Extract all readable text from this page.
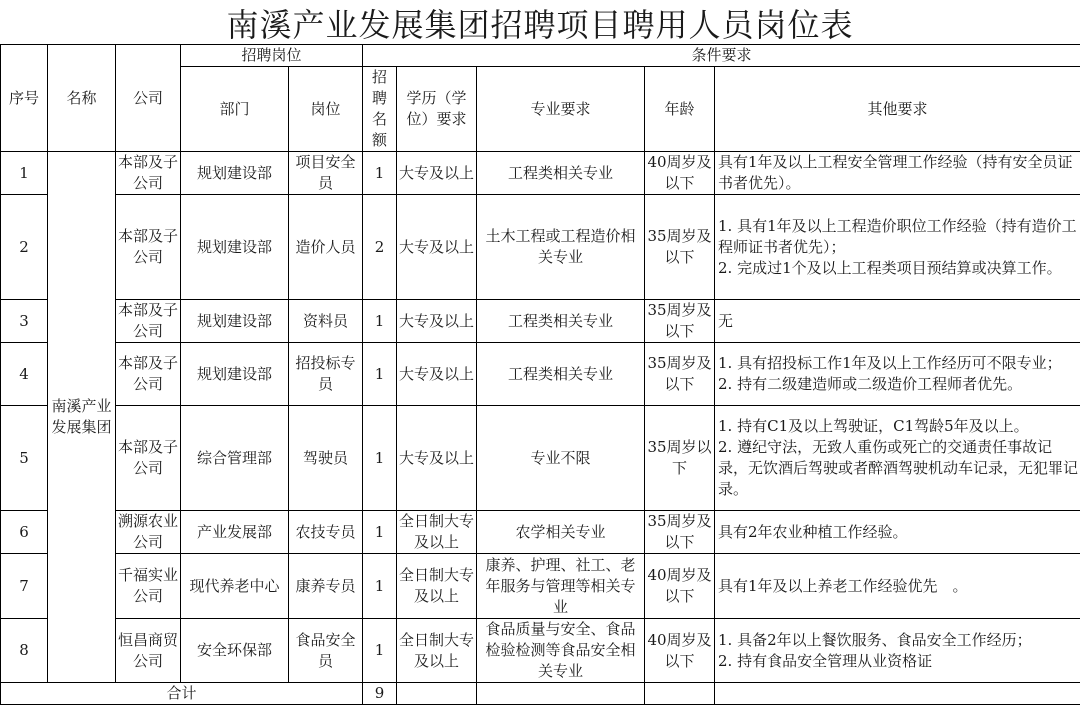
南溪产业发展集团招聘项目聘用人员岗位表
序号	名称	公司	招聘岗位		条件要求				
			部门	岗位	招聘名额	学历（学位）要求	专业要求	年龄	其他要求

1	南溪产业发展集团	本部及子公司	规划建设部	项目安全员	1	大专及以上	工程类相关专业	40周岁及以下	具有1年及以上工程安全管理工作经验（持有安全员证书者优先）。
2		本部及子公司	规划建设部	造价人员	2	大专及以上	土木工程或工程造价相关专业	35周岁及以下	1. 具有1年及以上工程造价职位工作经验（持有造价工程师证书者优先）；
2. 完成过1个及以上工程类项目预结算或决算工作。

3		本部及子公司	规划建设部	资料员	1	大专及以上	工程类相关专业	35周岁及以下	无
4		本部及子公司	规划建设部	招投标专员	1	大专及以上	工程类相关专业	35周岁及以下	1. 具有招投标工作1年及以上工作经历可不限专业；
2. 持有二级建造师或二级造价工程师者优先。

5		本部及子公司	综合管理部	驾驶员	1	大专及以上	专业不限	35周岁以下	1. 持有C1及以上驾驶证，C1驾龄5年及以上。
2. 遵纪守法，无致人重伤或死亡的交通责任事故记录，无饮酒后驾驶或者醉酒驾驶机动车记录，无犯罪记录。

6		溯源农业公司	产业发展部	农技专员	1	全日制大专及以上	农学相关专业	35周岁及以下	具有2年农业种植工作经验。
7		千福实业公司	现代养老中心	康养专员	1	全日制大专及以上	康养、护理、社工、老年服务与管理等相关专业	40周岁及以下	具有1年及以上养老工作经验优先　。
8		恒昌商贸公司	安全环保部	食品安全员	1	全日制大专及以上	食品质量与安全、食品检验检测等食品安全相关专业	40周岁及以下	1. 具备2年以上餐饮服务、食品安全工作经历；
2. 持有食品安全管理从业资格证

合计					9				
